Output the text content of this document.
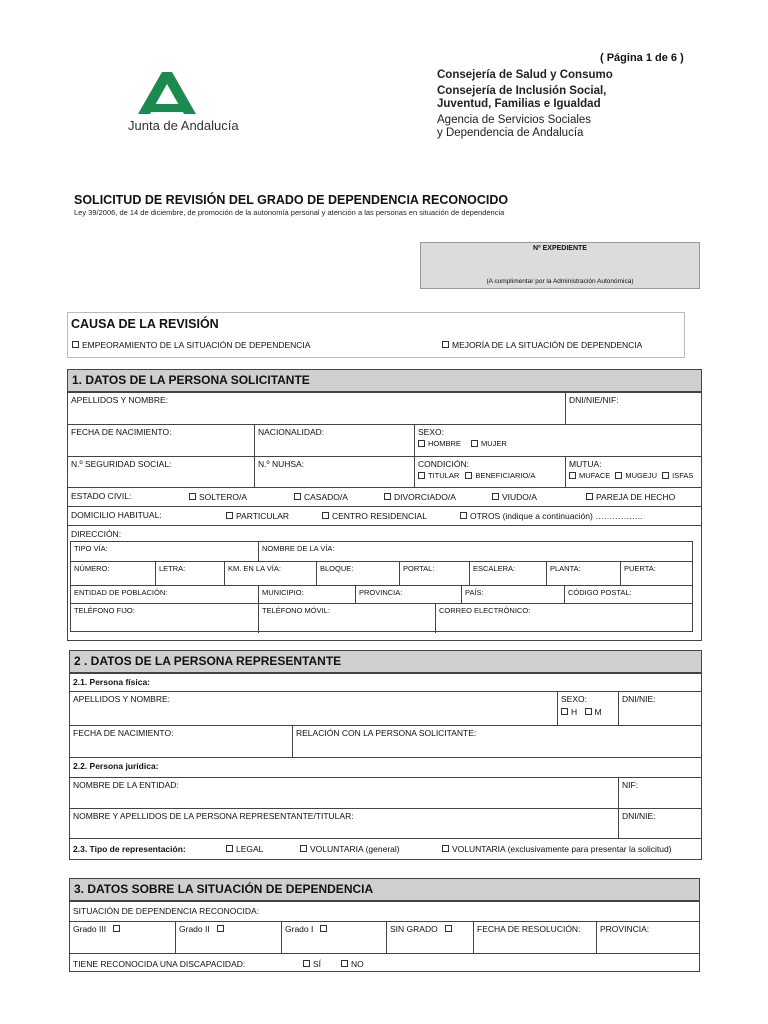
( Página 1 de 6 )
Junta de Andalucía
Consejería de Salud y Consumo
Consejería de Inclusión Social,
Juventud, Familias e Igualdad
Agencia de Servicios Sociales
y Dependencia de Andalucía
SOLICITUD DE REVISIÓN DEL GRADO DE DEPENDENCIA RECONOCIDO
Ley 39/2006, de 14 de diciembre, de promoción de la autonomía personal y atención a las personas en situación de dependencia
Nº EXPEDIENTE
(A cumplimentar por la Administración Autonómica)
CAUSA DE LA REVISIÓN
EMPEORAMIENTO DE LA SITUACIÓN DE DEPENDENCIA	MEJORÍA DE LA SITUACIÓN DE DEPENDENCIA
1. DATOS DE LA PERSONA SOLICITANTE
APELLIDOS Y NOMBRE:	DNI/NIE/NIF:
FECHA DE NACIMIENTO:	NACIONALIDAD:	SEXO:
HOMBRE	MUJER
N.º SEGURIDAD SOCIAL:	N.º NUHSA:	CONDICIÓN:
TITULAR BENEFICIARIO/A
MUTUA:
MUFACE MUGEJU ISFAS
ESTADO CIVIL:	SOLTERO/A	CASADO/A	DIVORCIADO/A	VIUDO/A	PAREJA DE HECHO
DOMICILIO HABITUAL:	PARTICULAR	CENTRO RESIDENCIAL	OTROS (indique a continuación) ……………..
DIRECCIÓN:
TIPO VÍA:	NOMBRE DE LA VÍA:
NÚMERO:	LETRA:	KM. EN LA VÍA:	BLOQUE:	PORTAL:	ESCALERA:	PLANTA:	PUERTA:
ENTIDAD DE POBLACIÓN:	MUNICIPIO:	PROVINCIA:	PAÍS:	CÓDIGO POSTAL:
TELÉFONO FIJO:	TELÉFONO MÓVIL:	CORREO ELECTRÓNICO:
2 . DATOS DE LA PERSONA REPRESENTANTE
2.1. Persona física:
APELLIDOS Y NOMBRE:	SEXO:
H M
DNI/NIE:
FECHA DE NACIMIENTO:	RELACIÓN CON LA PERSONA SOLICITANTE:
2.2. Persona jurídica:
NOMBRE DE LA ENTIDAD:	NIF:
NOMBRE Y APELLIDOS DE LA PERSONA REPRESENTANTE/TITULAR:	DNI/NIE:
2.3. Tipo de representación:	LEGAL	VOLUNTARIA (general)	VOLUNTARIA (exclusivamente para presentar la solicitud)
3. DATOS SOBRE LA SITUACIÓN DE DEPENDENCIA
SITUACIÓN DE DEPENDENCIA RECONOCIDA:
Grado III	Grado II	Grado I	SIN GRADO	FECHA DE RESOLUCIÓN:	PROVINCIA:
TIENE RECONOCIDA UNA DISCAPACIDAD:	SÍ	NO
